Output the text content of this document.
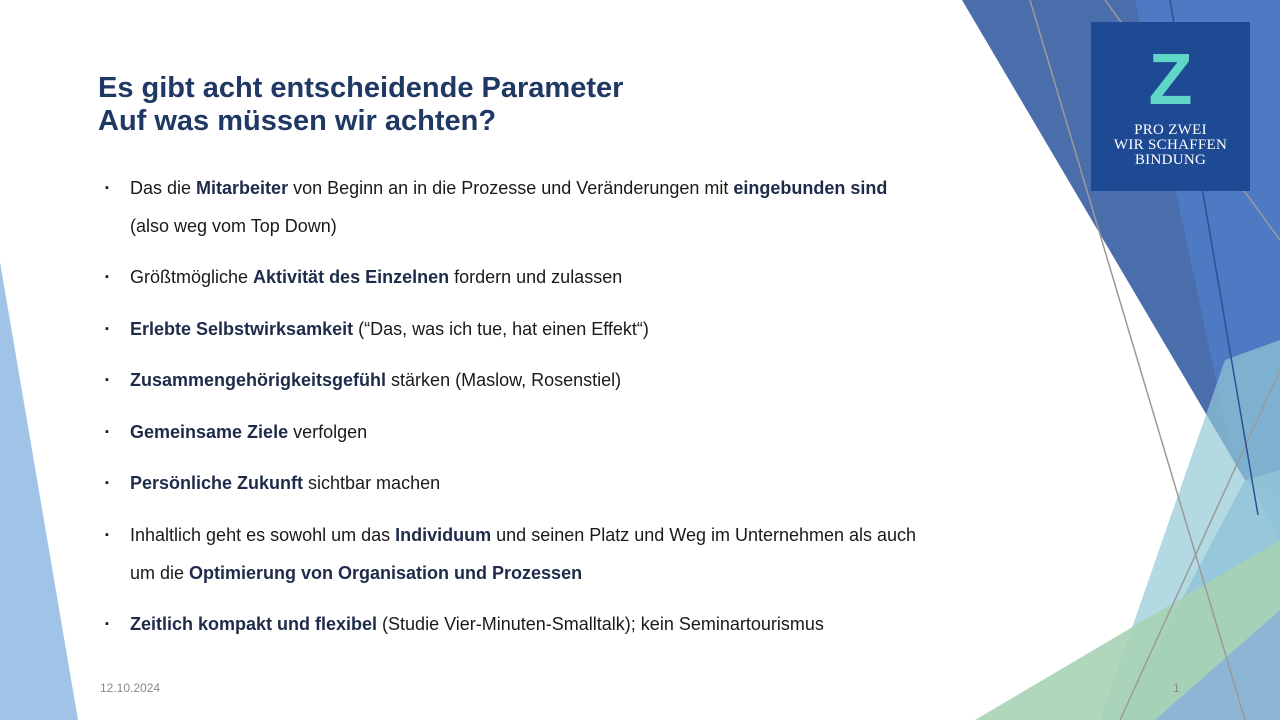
Z
PRO ZWEI
WIR SCHAFFEN
BINDUNG
Es gibt acht entscheidende Parameter
Auf was müssen wir achten?
▪ Das die Mitarbeiter von Beginn an in die Prozesse und Veränderungen mit eingebunden sind
(also weg vom Top Down)
▪ Größtmögliche Aktivität des Einzelnen fordern und zulassen
▪ Erlebte Selbstwirksamkeit (“Das, was ich tue, hat einen Effekt“)
▪ Zusammengehörigkeitsgefühl stärken (Maslow, Rosenstiel)
▪ Gemeinsame Ziele verfolgen
▪ Persönliche Zukunft sichtbar machen
▪ Inhaltlich geht es sowohl um das Individuum und seinen Platz und Weg im Unternehmen als auch
um die Optimierung von Organisation und Prozessen
▪ Zeitlich kompakt und flexibel (Studie Vier-Minuten-Smalltalk); kein Seminartourismus
12.10.2024	1
